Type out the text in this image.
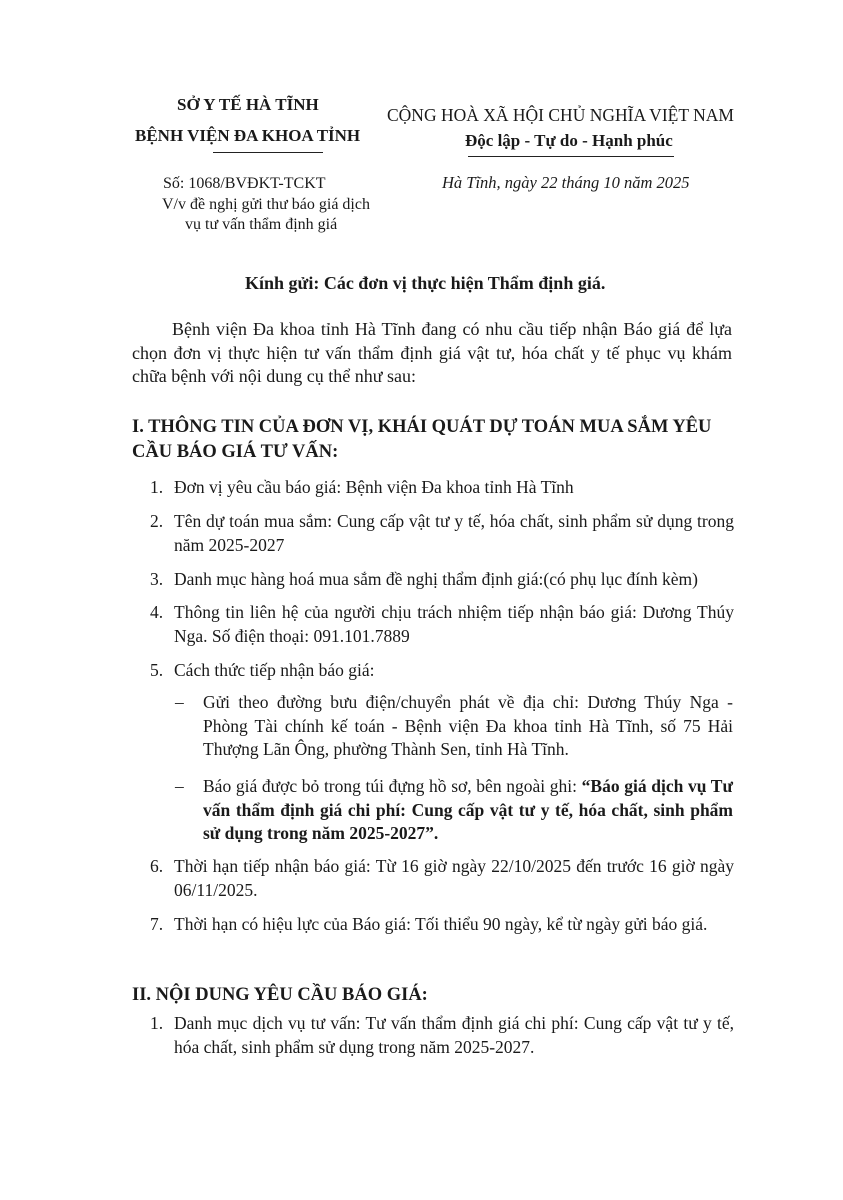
SỞ Y TẾ HÀ TĨNH
BỆNH VIỆN ĐA KHOA TỈNH
Số: 1068/BVĐKT-TCKT
V/v đề nghị gửi thư báo giá dịch
vụ tư vấn thẩm định giá
CỘNG HOÀ XÃ HỘI CHỦ NGHĨA VIỆT NAM
Độc lập - Tự do - Hạnh phúc
Hà Tĩnh, ngày 22 tháng 10 năm 2025
Kính gửi: Các đơn vị thực hiện Thẩm định giá.
Bệnh viện Đa khoa tỉnh Hà Tĩnh đang có nhu cầu tiếp nhận Báo giá để lựa chọn đơn vị thực hiện tư vấn thẩm định giá vật tư, hóa chất y tế phục vụ khám chữa bệnh với nội dung cụ thể như sau:
I. THÔNG TIN CỦA ĐƠN VỊ, KHÁI QUÁT DỰ TOÁN MUA SẮM YÊU CẦU BÁO GIÁ TƯ VẤN:
1. Đơn vị yêu cầu báo giá: Bệnh viện Đa khoa tỉnh Hà Tĩnh
2. Tên dự toán mua sắm: Cung cấp vật tư y tế, hóa chất, sinh phẩm sử dụng trong năm 2025-2027
3. Danh mục hàng hoá mua sắm đề nghị thẩm định giá:(có phụ lục đính kèm)
4. Thông tin liên hệ của người chịu trách nhiệm tiếp nhận báo giá: Dương Thúy Nga. Số điện thoại: 091.101.7889
5. Cách thức tiếp nhận báo giá:
– Gửi theo đường bưu điện/chuyển phát về địa chỉ: Dương Thúy Nga - Phòng Tài chính kế toán - Bệnh viện Đa khoa tỉnh Hà Tĩnh, số 75 Hải Thượng Lãn Ông, phường Thành Sen, tỉnh Hà Tĩnh.
– Báo giá được bỏ trong túi đựng hồ sơ, bên ngoài ghi: “Báo giá dịch vụ Tư vấn thẩm định giá chi phí: Cung cấp vật tư y tế, hóa chất, sinh phẩm sử dụng trong năm 2025-2027”.
6. Thời hạn tiếp nhận báo giá: Từ 16 giờ ngày 22/10/2025 đến trước 16 giờ ngày 06/11/2025.
7. Thời hạn có hiệu lực của Báo giá: Tối thiểu 90 ngày, kể từ ngày gửi báo giá.
II. NỘI DUNG YÊU CẦU BÁO GIÁ:
1. Danh mục dịch vụ tư vấn: Tư vấn thẩm định giá chi phí: Cung cấp vật tư y tế, hóa chất, sinh phẩm sử dụng trong năm 2025-2027.
